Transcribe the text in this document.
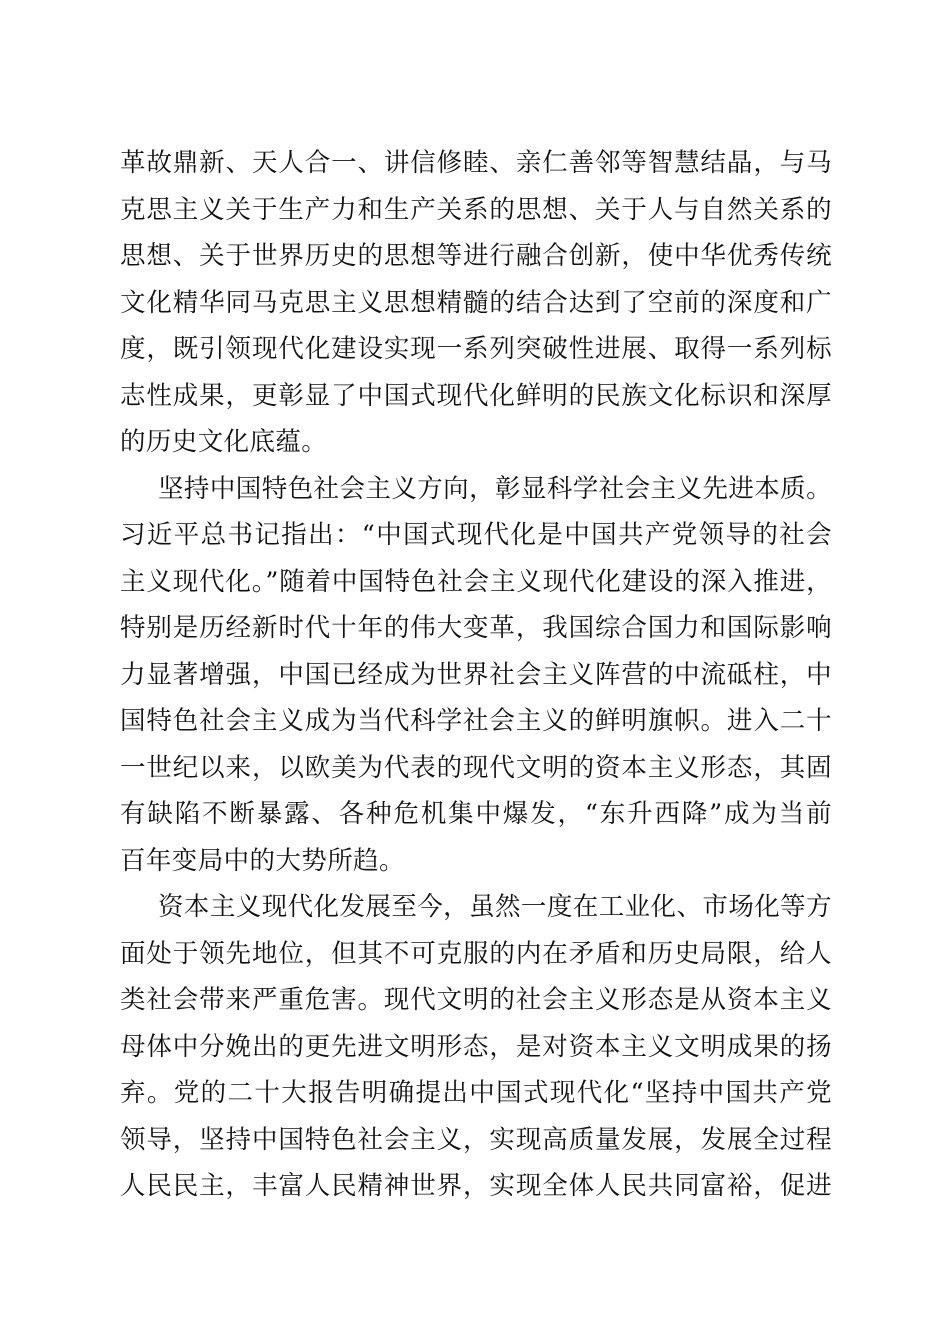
革故鼎新、天人合一、讲信修睦、亲仁善邻等智慧结晶，与马
克思主义关于生产力和生产关系的思想、关于人与自然关系的
思想、关于世界历史的思想等进行融合创新，使中华优秀传统
文化精华同马克思主义思想精髓的结合达到了空前的深度和广
度，既引领现代化建设实现一系列突破性进展、取得一系列标
志性成果，更彰显了中国式现代化鲜明的民族文化标识和深厚
的历史文化底蕴。
坚持中国特色社会主义方向，彰显科学社会主义先进本质。
习近平总书记指出：“中国式现代化是中国共产党领导的社会
主义现代化。”随着中国特色社会主义现代化建设的深入推进，
特别是历经新时代十年的伟大变革，我国综合国力和国际影响
力显著增强，中国已经成为世界社会主义阵营的中流砥柱，中
国特色社会主义成为当代科学社会主义的鲜明旗帜。进入二十
一世纪以来，以欧美为代表的现代文明的资本主义形态，其固
有缺陷不断暴露、各种危机集中爆发，“东升西降”成为当前
百年变局中的大势所趋。
资本主义现代化发展至今，虽然一度在工业化、市场化等方
面处于领先地位，但其不可克服的内在矛盾和历史局限，给人
类社会带来严重危害。现代文明的社会主义形态是从资本主义
母体中分娩出的更先进文明形态，是对资本主义文明成果的扬
弃。党的二十大报告明确提出中国式现代化“坚持中国共产党
领导，坚持中国特色社会主义，实现高质量发展，发展全过程
人民民主，丰富人民精神世界，实现全体人民共同富裕，促进
